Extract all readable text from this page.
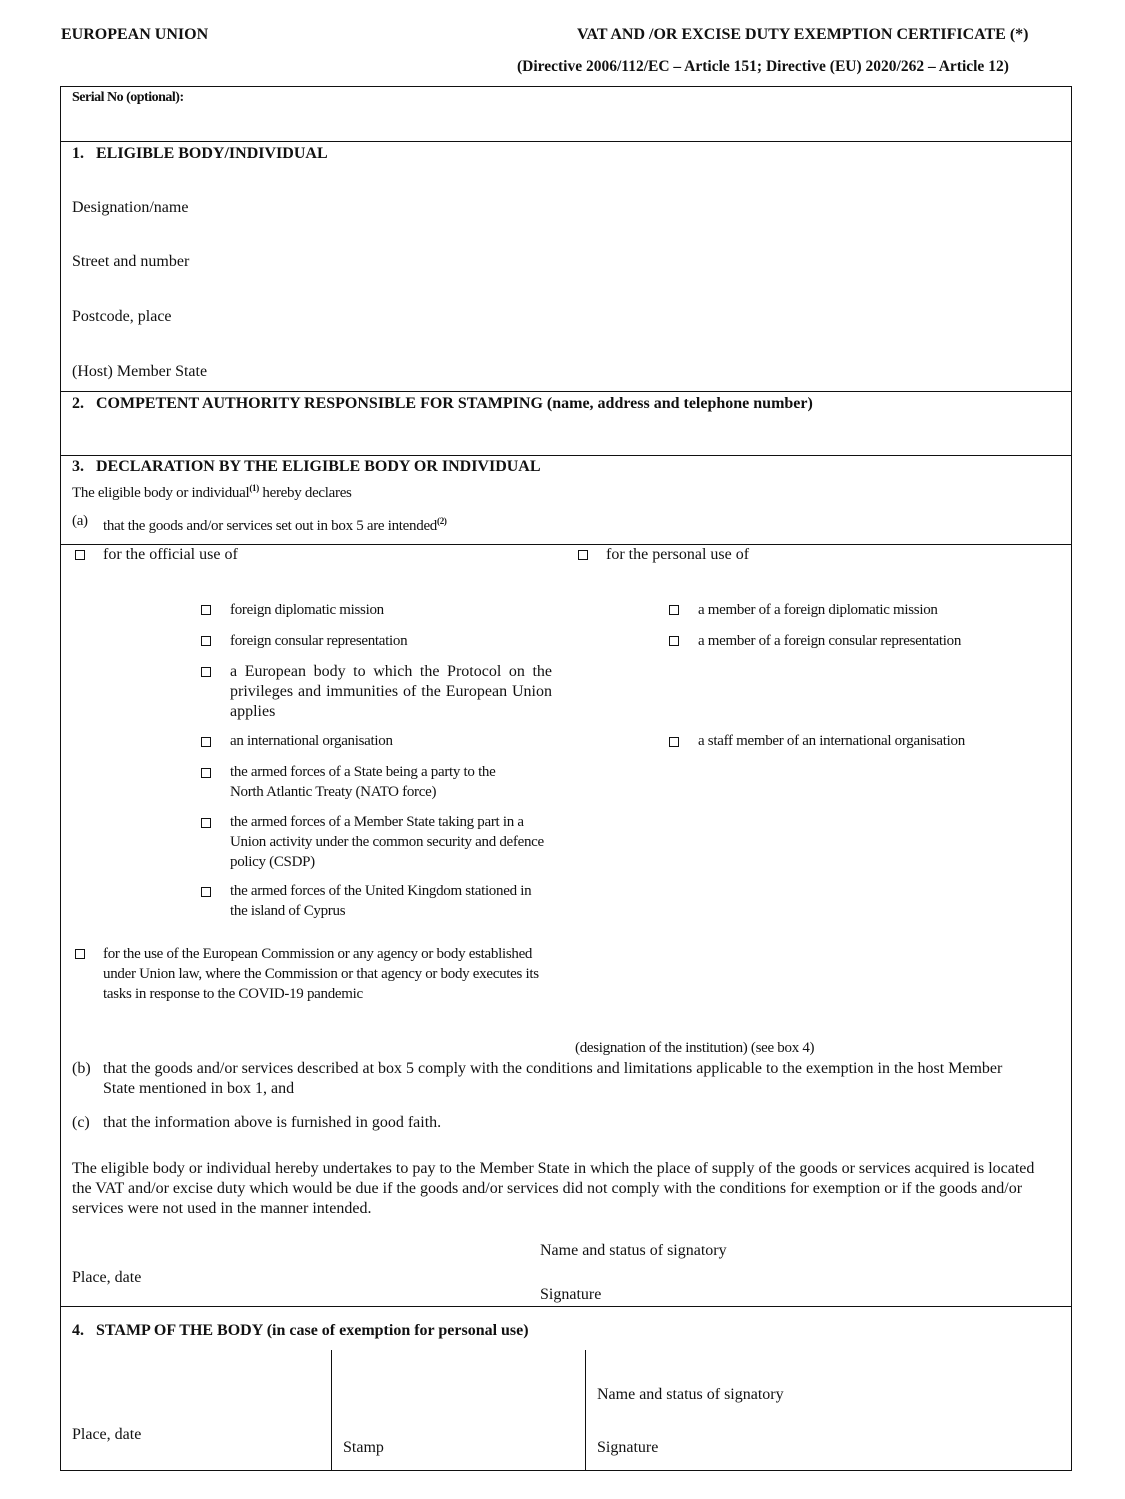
EUROPEAN UNION	VAT AND /OR EXCISE DUTY EXEMPTION CERTIFICATE (*)
(Directive 2006/112/EC – Article 151; Directive (EU) 2020/262 – Article 12)
Serial No (optional):
1.   ELIGIBLE BODY/INDIVIDUAL
Designation/name
Street and number
Postcode, place
(Host) Member State
2.   COMPETENT AUTHORITY RESPONSIBLE FOR STAMPING (name, address and telephone number)
3.   DECLARATION BY THE ELIGIBLE BODY OR INDIVIDUAL
The eligible body or individual$^{(1)}$ hereby declares
(a) that the goods and/or services set out in box 5 are intended$^{(2)}$
for the official use of	for the personal use of
foreign diplomatic mission
foreign consular representation
a European body to which the Protocol on the privileges and immunities of the European Union applies
an international organisation
the armed forces of a State being a party to the North Atlantic Treaty (NATO force)
the armed forces of a Member State taking part in a Union activity under the common security and defence policy (CSDP)
the armed forces of the United Kingdom stationed in the island of Cyprus
a member of a foreign diplomatic mission
a member of a foreign consular representation
a staff member of an international organisation
for the use of the European Commission or any agency or body established under Union law, where the Commission or that agency or body executes its tasks in response to the COVID-19 pandemic
(designation of the institution) (see box 4)
(b) that the goods and/or services described at box 5 comply with the conditions and limitations applicable to the exemption in the host Member State mentioned in box 1, and
(c) that the information above is furnished in good faith.
The eligible body or individual hereby undertakes to pay to the Member State in which the place of supply of the goods or services acquired is located the VAT and/or excise duty which would be due if the goods and/or services did not comply with the conditions for exemption or if the goods and/or services were not used in the manner intended.
Name and status of signatory
Place, date
Signature
4.   STAMP OF THE BODY (in case of exemption for personal use)
Place, date
Stamp
Name and status of signatory
Signature
